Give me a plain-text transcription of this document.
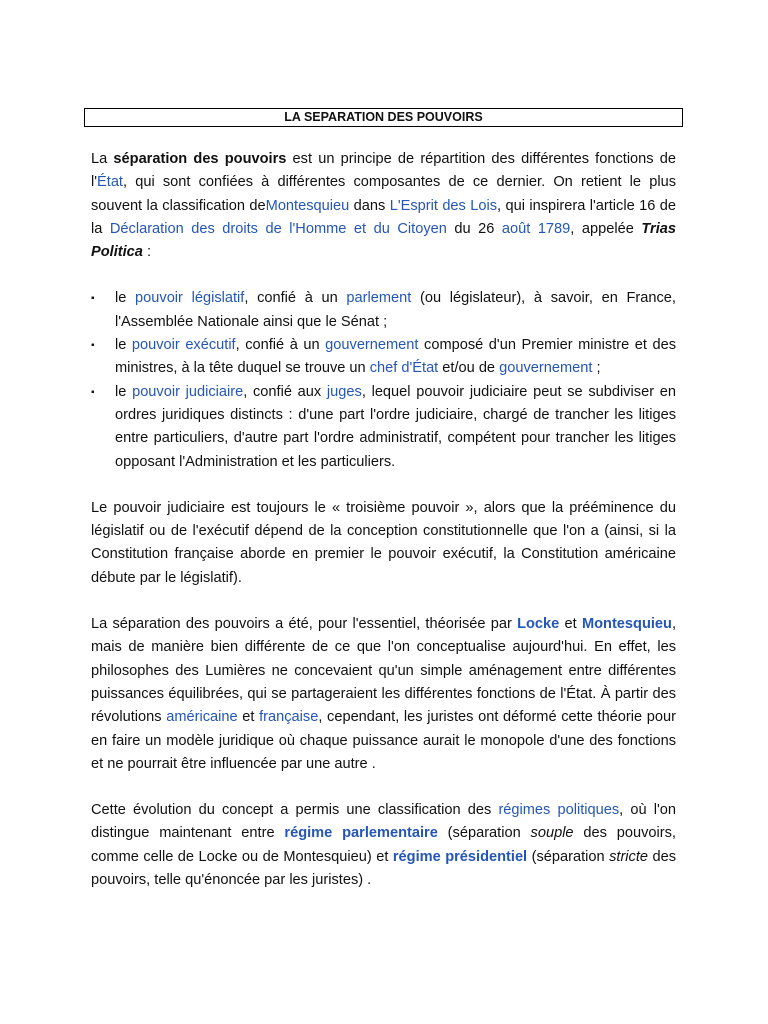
LA SEPARATION DES POUVOIRS

La séparation des pouvoirs est un principe de répartition des différentes fonctions de l'État, qui sont confiées à différentes composantes de ce dernier. On retient le plus souvent la classification deMontesquieu dans L'Esprit des Lois, qui inspirera l'article 16 de la Déclaration des droits de l'Homme et du Citoyen du 26 août 1789, appelée Trias Politica :

▪ le pouvoir législatif, confié à un parlement (ou législateur), à savoir, en France, l'Assemblée Nationale ainsi que le Sénat ;
▪ le pouvoir exécutif, confié à un gouvernement composé d'un Premier ministre et des ministres, à la tête duquel se trouve un chef d'État et/ou de gouvernement ;
▪ le pouvoir judiciaire, confié aux juges, lequel pouvoir judiciaire peut se subdiviser en ordres juridiques distincts : d'une part l'ordre judiciaire, chargé de trancher les litiges entre particuliers, d'autre part l'ordre administratif, compétent pour trancher les litiges opposant l'Administration et les particuliers.

Le pouvoir judiciaire est toujours le « troisième pouvoir », alors que la prééminence du législatif ou de l'exécutif dépend de la conception constitutionnelle que l'on a (ainsi, si la Constitution française aborde en premier le pouvoir exécutif, la Constitution américaine débute par le législatif).

La séparation des pouvoirs a été, pour l'essentiel, théorisée par Locke et Montesquieu, mais de manière bien différente de ce que l'on conceptualise aujourd'hui. En effet, les philosophes des Lumières ne concevaient qu'un simple aménagement entre différentes puissances équilibrées, qui se partageraient les différentes fonctions de l'État. À partir des révolutions américaine et française, cependant, les juristes ont déformé cette théorie pour en faire un modèle juridique où chaque puissance aurait le monopole d'une des fonctions et ne pourrait être influencée par une autre .

Cette évolution du concept a permis une classification des régimes politiques, où l'on distingue maintenant entre régime parlementaire (séparation souple des pouvoirs, comme celle de Locke ou de Montesquieu) et régime présidentiel (séparation stricte des pouvoirs, telle qu'énoncée par les juristes) .
